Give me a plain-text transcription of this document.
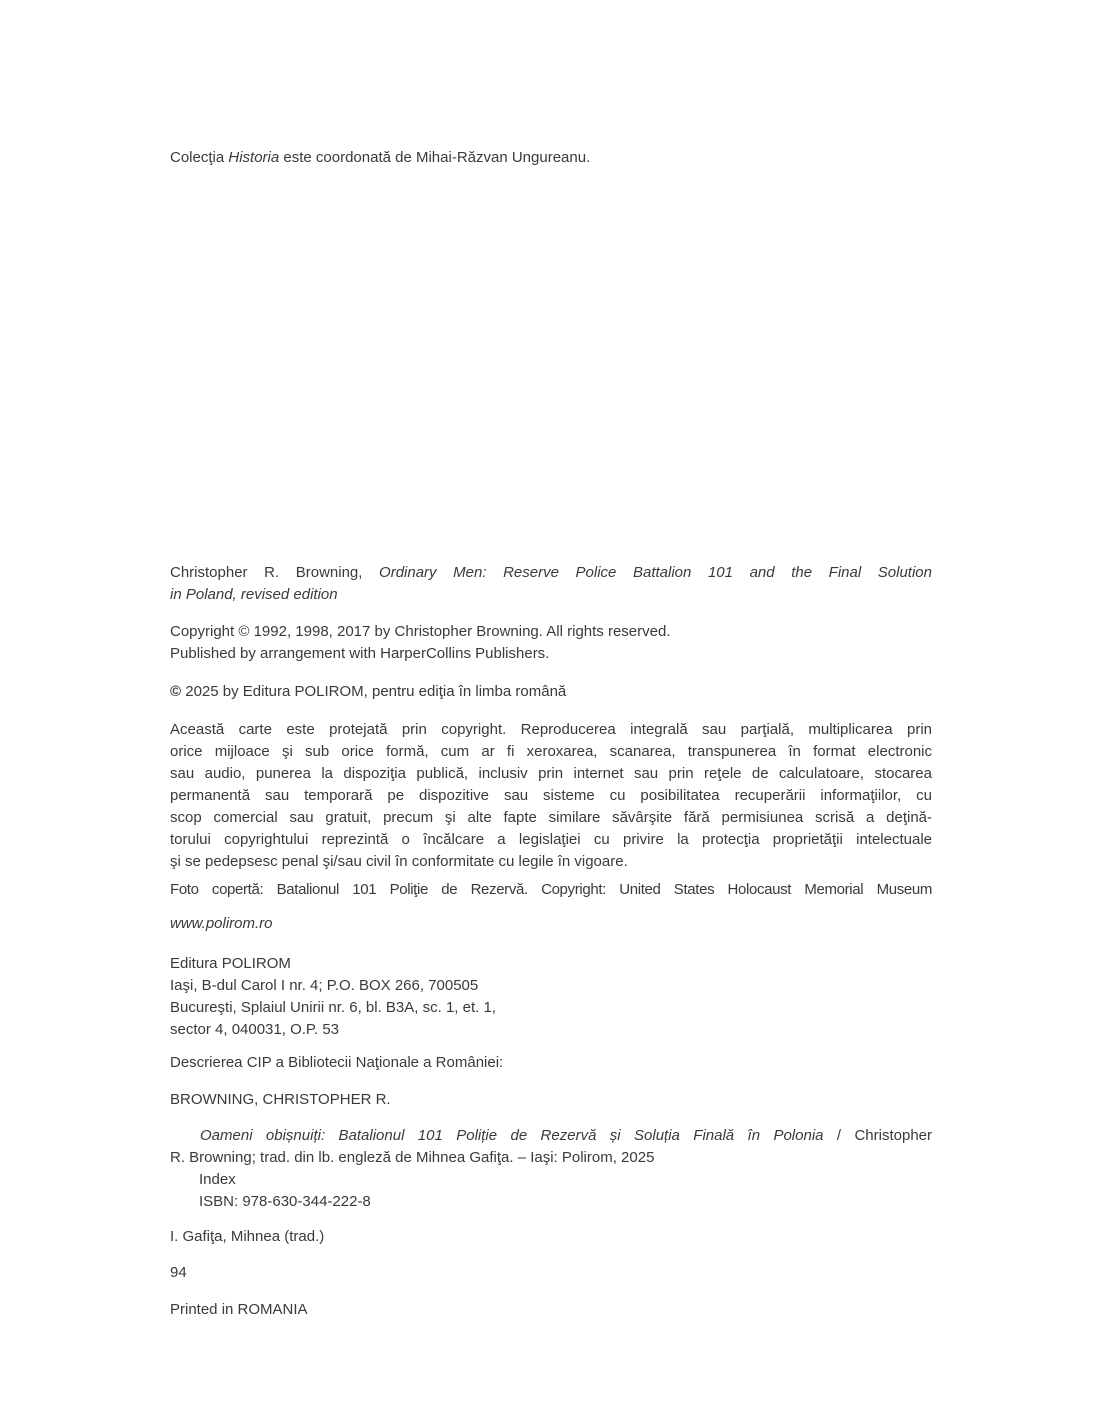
Colecţia Historia este coordonată de Mihai-Răzvan Ungureanu.
Christopher R. Browning, Ordinary Men: Reserve Police Battalion 101 and the Final Solution
in Poland, revised edition
Copyright © 1992, 1998, 2017 by Christopher Browning. All rights reserved.
Published by arrangement with HarperCollins Publishers.
© 2025 by Editura POLIROM, pentru ediţia în limba română
Această carte este protejată prin copyright. Reproducerea integrală sau parţială, multiplicarea prin
orice mijloace şi sub orice formă, cum ar fi xeroxarea, scanarea, transpunerea în format electronic
sau audio, punerea la dispoziţia publică, inclusiv prin internet sau prin reţele de calculatoare, stocarea
permanentă sau temporară pe dispozitive sau sisteme cu posibilitatea recuperării informaţiilor, cu
scop comercial sau gratuit, precum şi alte fapte similare săvârşite fără permisiunea scrisă a deţină-
torului copyrightului reprezintă o încălcare a legislaţiei cu privire la protecţia proprietăţii intelectuale
şi se pedepsesc penal şi/sau civil în conformitate cu legile în vigoare.
Foto copertă: Batalionul 101 Poliţie de Rezervă. Copyright: United States Holocaust Memorial Museum
www.polirom.ro
Editura POLIROM
Iaşi, B-dul Carol I nr. 4; P.O. BOX 266, 700505
Bucureşti, Splaiul Unirii nr. 6, bl. B3A, sc. 1, et. 1,
sector 4, 040031, O.P. 53
Descrierea CIP a Bibliotecii Naţionale a României:
BROWNING, CHRISTOPHER R.
Oameni obișnuiți: Batalionul 101 Poliție de Rezervă și Soluția Finală în Polonia / Christopher
R. Browning; trad. din lb. engleză de Mihnea Gafiţa. – Iaşi: Polirom, 2025
Index
ISBN: 978-630-344-222-8
I. Gafiţa, Mihnea (trad.)
94
Printed in ROMANIA
